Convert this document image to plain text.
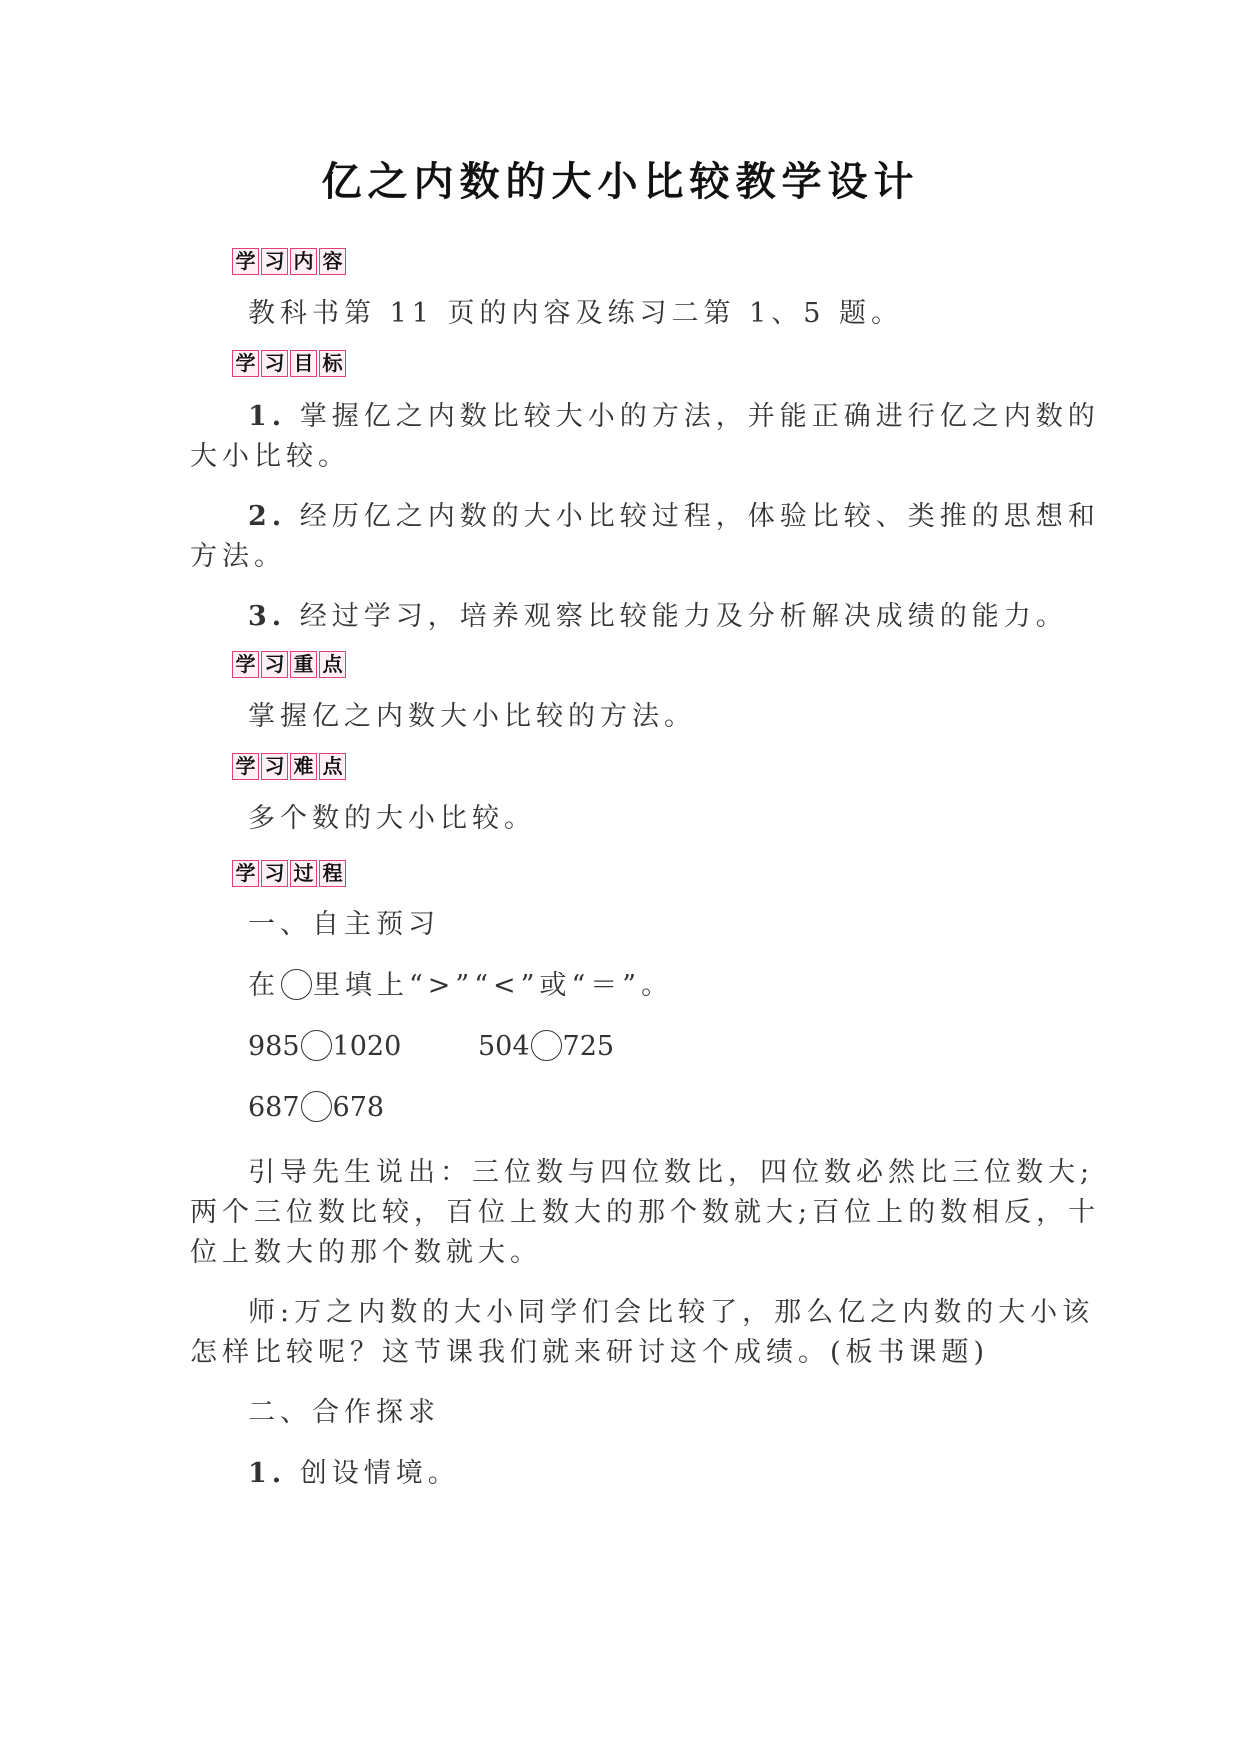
亿之内数的大小比较教学设计
学 习 内 容
教科书第 11 页的内容及练习二第 1、5 题。
学 习 目 标
1. 掌握亿之内数比较大小的方法，并能正确进行亿之内数的
大小比较。
2. 经历亿之内数的大小比较过程，体验比较、类推的思想和
方法。
3. 经过学习，培养观察比较能力及分析解决成绩的能力。
学 习 重 点
掌握亿之内数大小比较的方法。
学 习 难 点
多个数的大小比较。
学 习 过 程
一、自主预习
在 里填上“>”“<”或“＝”。
985 1020	504 725
687 678
引导先生说出：三位数与四位数比，四位数必然比三位数大;
两个三位数比较，百位上数大的那个数就大;百位上的数相反，十
位上数大的那个数就大。
师:万之内数的大小同学们会比较了，那么亿之内数的大小该
怎样比较呢？这节课我们就来研讨这个成绩。(板书课题)
二、合作探求
1. 创设情境。
